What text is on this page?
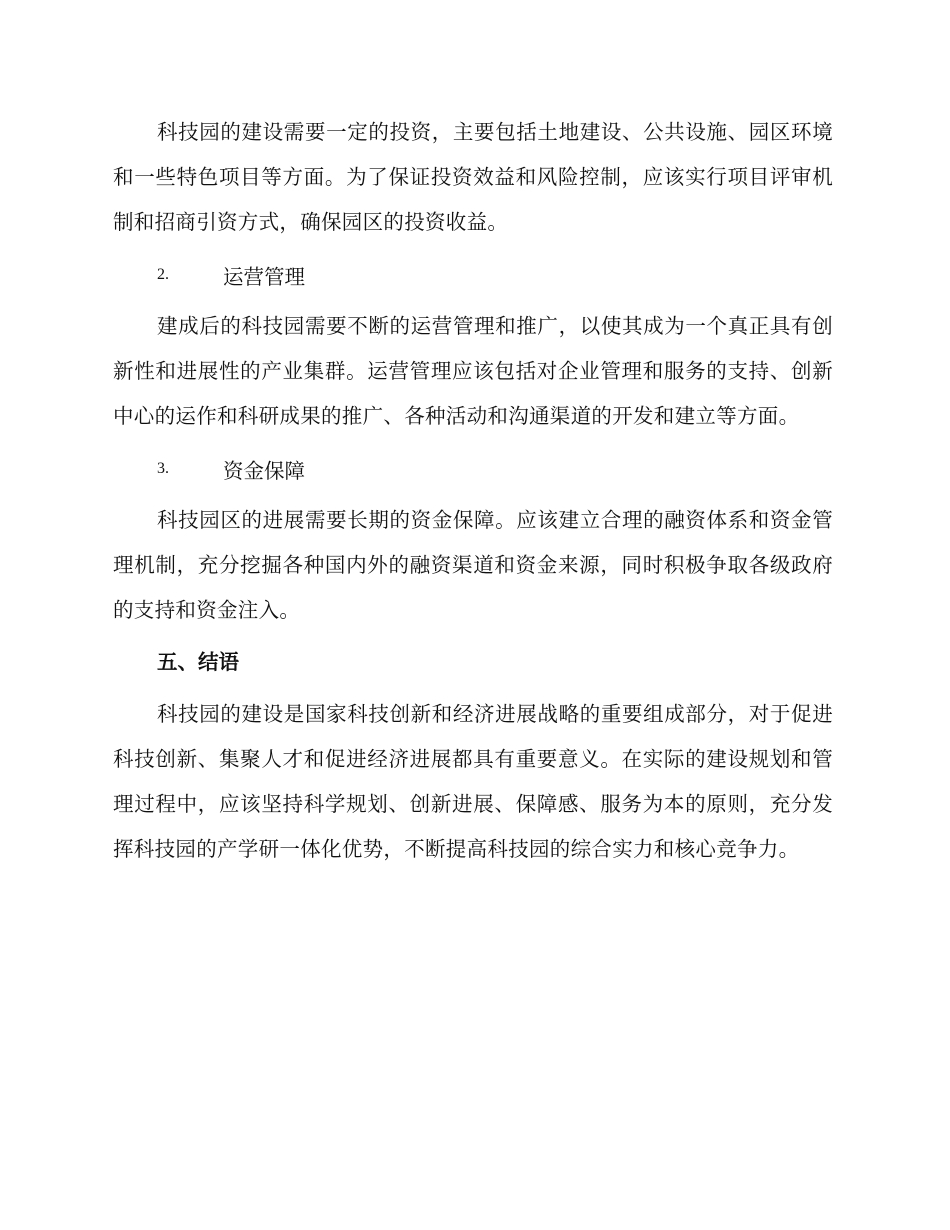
科技园的建设需要一定的投资，主要包括土地建设、公共设施、园区环境和一些特色项目等方面。为了保证投资效益和风险控制，应该实行项目评审机制和招商引资方式，确保园区的投资收益。

2.	运营管理

建成后的科技园需要不断的运营管理和推广，以使其成为一个真正具有创新性和进展性的产业集群。运营管理应该包括对企业管理和服务的支持、创新中心的运作和科研成果的推广、各种活动和沟通渠道的开发和建立等方面。

3.	资金保障

科技园区的进展需要长期的资金保障。应该建立合理的融资体系和资金管理机制，充分挖掘各种国内外的融资渠道和资金来源，同时积极争取各级政府的支持和资金注入。

五、结语

科技园的建设是国家科技创新和经济进展战略的重要组成部分，对于促进科技创新、集聚人才和促进经济进展都具有重要意义。在实际的建设规划和管理过程中，应该坚持科学规划、创新进展、保障感、服务为本的原则，充分发挥科技园的产学研一体化优势，不断提高科技园的综合实力和核心竞争力。
